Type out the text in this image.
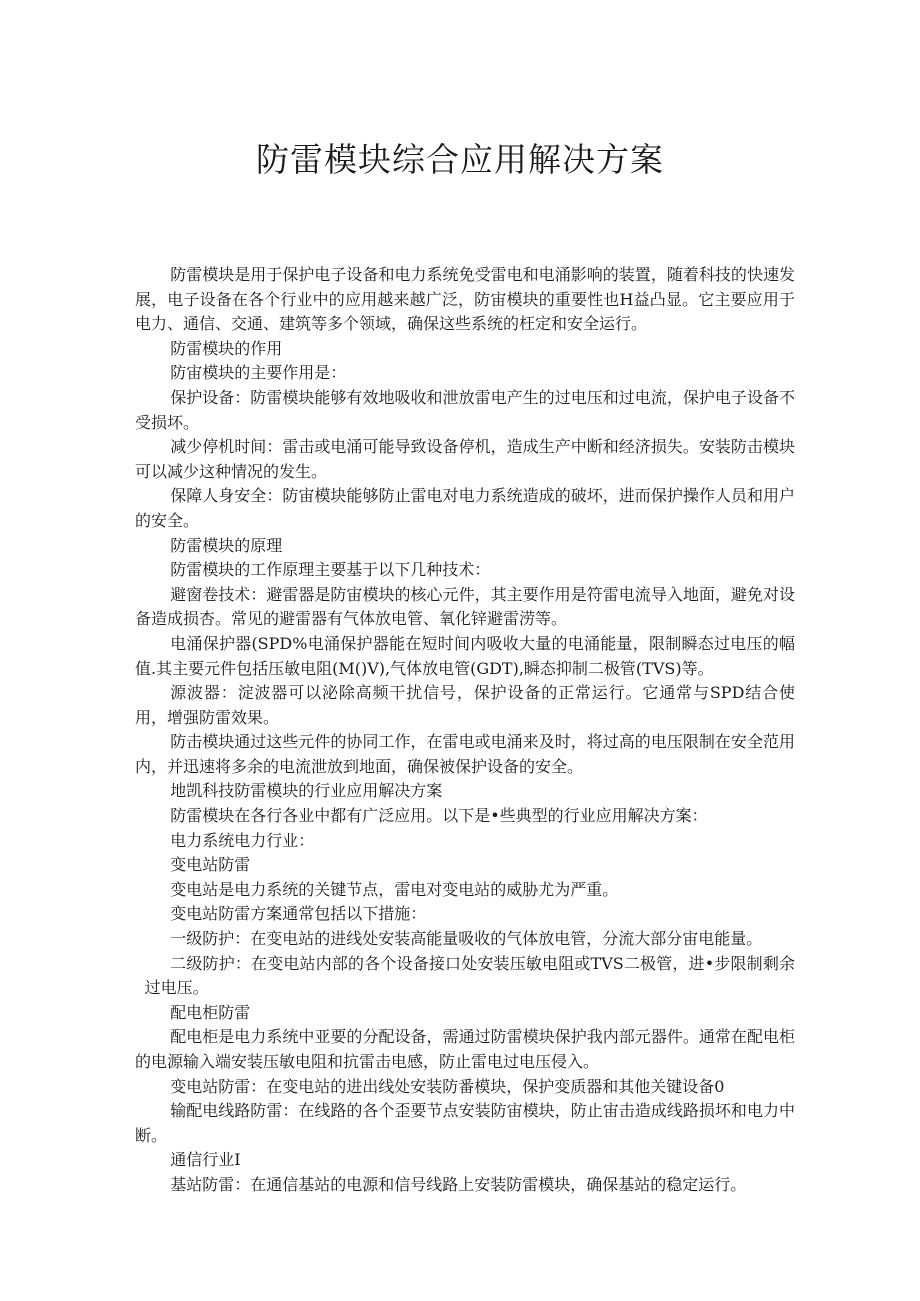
防雷模块综合应用解决方案

防雷模块是用于保护电子设备和电力系统免受雷电和电涌影响的装置，随着科技的快速发展，电子设备在各个行业中的应用越来越广泛，防宙模块的重要性也H益凸显。它主要应用于电力、通信、交通、建筑等多个领域，确保这些系统的枉定和安全运行。

防雷模块的作用

防宙模块的主要作用是：

保护设备：防雷模块能够有效地吸收和泄放雷电产生的过电压和过电流，保护电子设备不受损坏。

减少停机时间：雷击或电涌可能导致设备停机，造成生产中断和经济损失。安装防击模块可以减少这种情况的发生。

保障人身安全：防宙模块能够防止雷电对电力系统造成的破坏，进而保护操作人员和用户的安全。

防雷模块的原理

防雷模块的工作原理主要基于以下几种技术：

避窗卷技术：避雷器是防宙模块的核心元件，其主要作用是符雷电流导入地面，避免对设备造成损杏。常见的避雷器有气体放电管、氧化锌避雷涝等。

电涌保护器(SPD%电涌保护器能在短时间内吸收大量的电涌能量，限制瞬态过电压的幅值.其主要元件包括压敏电阻(M()V),气体放电管(GDT),瞬态抑制二极管(TVS)等。

源波器：淀波器可以泌除高频干扰信号，保护设备的正常运行。它通常与SPD结合使用，增强防雷效果。

防击模块通过这些元件的协同工作，在雷电或电涌来及时，将过高的电压限制在安全范用内，并迅速将多余的电流泄放到地面，确保被保护设备的安全。

地凯科技防雷模块的行业应用解决方案

防雷模块在各行各业中都有广泛应用。以下是•些典型的行业应用解决方案：

电力系统电力行业：

变电站防雷

变电站是电力系统的关键节点，雷电对变电站的威胁尤为严重。

变电站防雷方案通常包括以下措施：

一级防护：在变电站的进线处安装高能量吸收的气体放电管，分流大部分宙电能量。

二级防护：在变电站内部的各个设备接口处安装压敏电阻或TVS二极管，进•步限制剩余过电压。

配电柜防雷

配电柜是电力系统中亚要的分配设备，需通过防雷模块保护我内部元器件。通常在配电柜的电源输入端安装压敏电阻和抗雷击电感，防止雷电过电压侵入。

变电站防雷：在变电站的进出线处安装防番模块，保护变质器和其他关键设备0

输配电线路防雷：在线路的各个歪要节点安装防宙模块，防止宙击造成线路损坏和电力中断。

通信行业I

基站防雷：在通信基站的电源和信号线路上安装防雷模块，确保基站的稳定运行。
